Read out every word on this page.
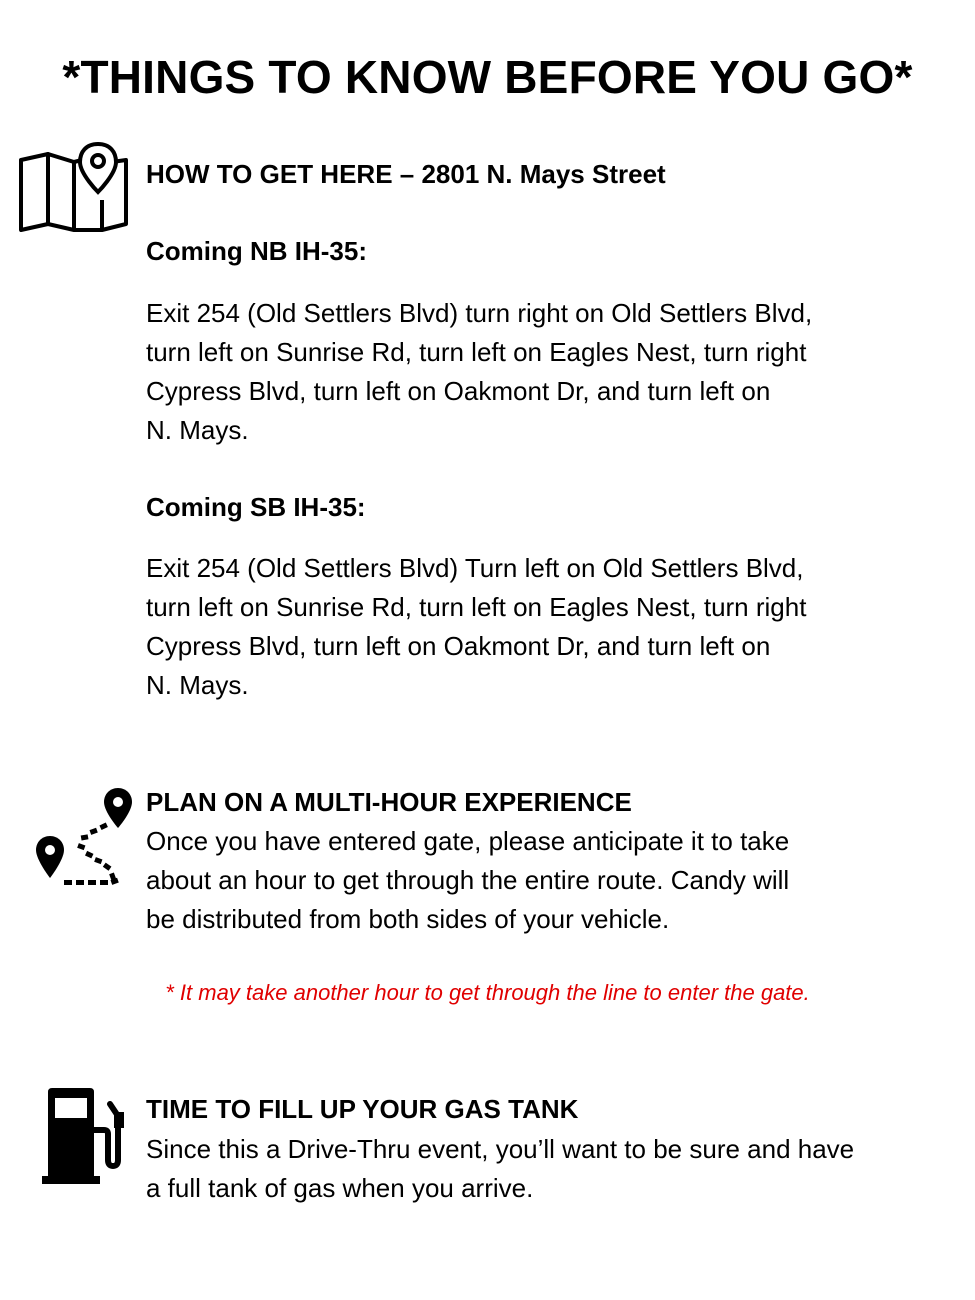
*THINGS TO KNOW BEFORE YOU GO*
HOW TO GET HERE – 2801 N. Mays Street
Coming NB IH-35:
Exit 254 (Old Settlers Blvd) turn right on Old Settlers Blvd,
turn left on Sunrise Rd, turn left on Eagles Nest, turn right
Cypress Blvd, turn left on Oakmont Dr, and turn left on
N. Mays.
Coming SB IH-35:
Exit 254 (Old Settlers Blvd) Turn left on Old Settlers Blvd,
turn left on Sunrise Rd, turn left on Eagles Nest, turn right
Cypress Blvd, turn left on Oakmont Dr, and turn left on
N. Mays.
PLAN ON A MULTI-HOUR EXPERIENCE
Once you have entered gate, please anticipate it to take
about an hour to get through the entire route. Candy will
be distributed from both sides of your vehicle.
* It may take another hour to get through the line to enter the gate.
TIME TO FILL UP YOUR GAS TANK
Since this a Drive-Thru event, you’ll want to be sure and have
a full tank of gas when you arrive.
